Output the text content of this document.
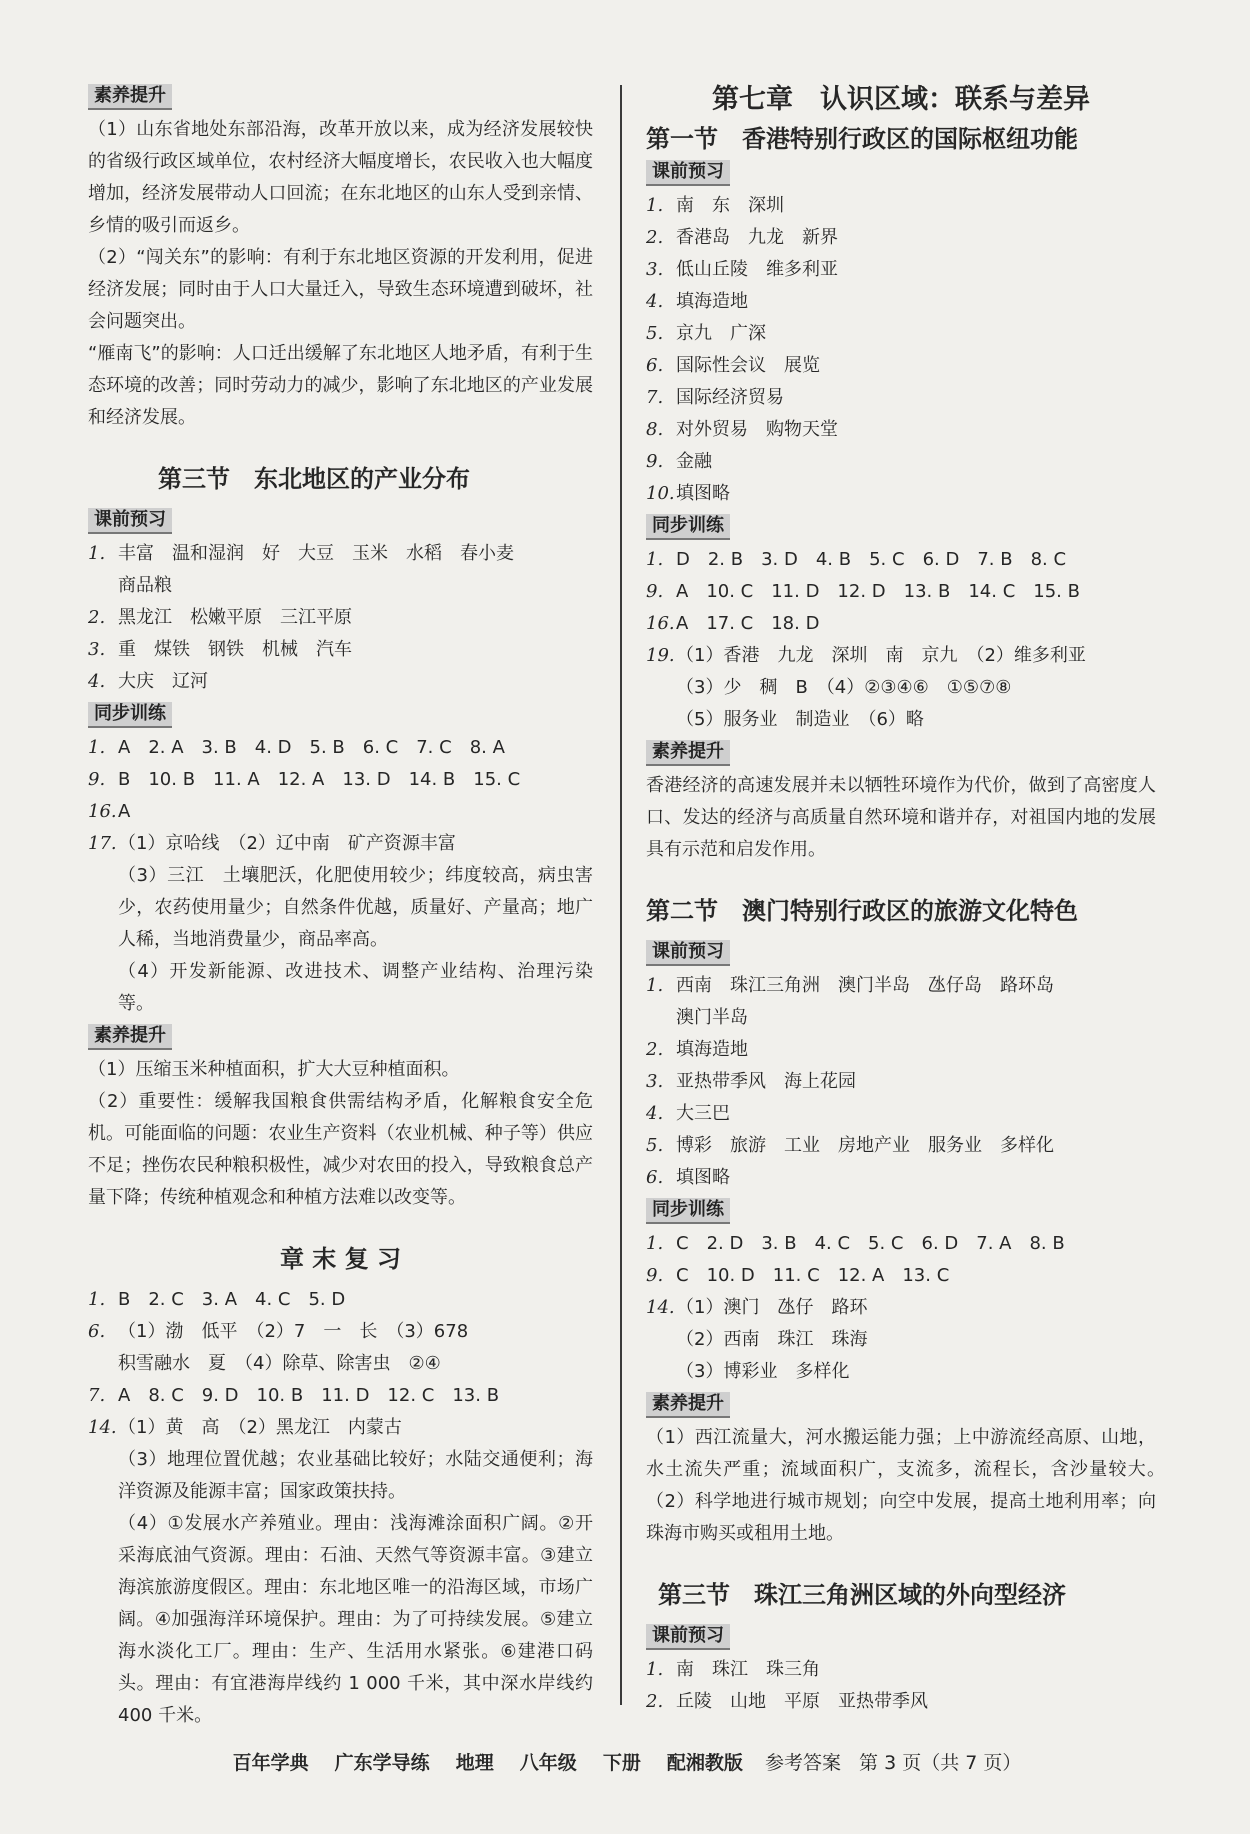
素养提升

（1）山东省地处东部沿海，改革开放以来，成为经济发展较快的省级行政区域单位，农村经济大幅度增长，农民收入也大幅度增加，经济发展带动人口回流；在东北地区的山东人受到亲情、乡情的吸引而返乡。

（2）“闯关东”的影响：有利于东北地区资源的开发利用，促进经济发展；同时由于人口大量迁入，导致生态环境遭到破坏，社会问题突出。

“雁南飞”的影响：人口迁出缓解了东北地区人地矛盾，有利于生态环境的改善；同时劳动力的减少，影响了东北地区的产业发展和经济发展。

第三节　东北地区的产业分布
课前预习
1. 丰富　温和湿润　好　大豆　玉米　水稻　春小麦
商品粮
2. 黑龙江　松嫩平原　三江平原
3. 重　煤铁　钢铁　机械　汽车
4. 大庆　辽河
同步训练
1. A　2. A　3. B　4. D　5. B　6. C　7. C　8. A
9. B　10. B　11. A　12. A　13. D　14. B　15. C
16. A
17. （1）京哈线　（2）辽中南　矿产资源丰富
（3）三江　土壤肥沃，化肥使用较少；纬度较高，病虫害少，农药使用量少；自然条件优越，质量好、产量高；地广人稀，当地消费量少，商品率高。
（4）开发新能源、改进技术、调整产业结构、治理污染等。
素养提升

（1）压缩玉米种植面积，扩大大豆种植面积。

（2）重要性：缓解我国粮食供需结构矛盾，化解粮食安全危机。可能面临的问题：农业生产资料（农业机械、种子等）供应不足；挫伤农民种粮积极性，减少对农田的投入，导致粮食总产量下降；传统种植观念和种植方法难以改变等。

章 末 复 习
1. B　2. C　3. A　4. C　5. D
6. （1）渤　低平　（2）7　一　长　（3）678
积雪融水　夏　（4）除草、除害虫　②④
7. A　8. C　9. D　10. B　11. D　12. C　13. B
14. （1）黄　高　（2）黑龙江　内蒙古
（3）地理位置优越；农业基础比较好；水陆交通便利；海洋资源及能源丰富；国家政策扶持。
（4）①发展水产养殖业。理由：浅海滩涂面积广阔。②开采海底油气资源。理由：石油、天然气等资源丰富。③建立海滨旅游度假区。理由：东北地区唯一的沿海区域，市场广阔。④加强海洋环境保护。理由：为了可持续发展。⑤建立海水淡化工厂。理由：生产、生活用水紧张。⑥建港口码头。理由：有宜港海岸线约 1 000 千米，其中深水岸线约 400 千米。
第七章　认识区域：联系与差异
第一节　香港特别行政区的国际枢纽功能
课前预习
1. 南　东　深圳
2. 香港岛　九龙　新界
3. 低山丘陵　维多利亚
4. 填海造地
5. 京九　广深
6. 国际性会议　展览
7. 国际经济贸易
8. 对外贸易　购物天堂
9. 金融
10. 填图略
同步训练
1. D　2. B　3. D　4. B　5. C　6. D　7. B　8. C
9. A　10. C　11. D　12. D　13. B　14. C　15. B
16. A　17. C　18. D
19. （1）香港　九龙　深圳　南　京九　（2）维多利亚
（3）少　稠　B　（4）②③④⑥　①⑤⑦⑧
（5）服务业　制造业　（6）略
素养提升

香港经济的高速发展并未以牺牲环境作为代价，做到了高密度人口、发达的经济与高质量自然环境和谐并存，对祖国内地的发展具有示范和启发作用。

第二节　澳门特别行政区的旅游文化特色
课前预习
1. 西南　珠江三角洲　澳门半岛　氹仔岛　路环岛
澳门半岛
2. 填海造地
3. 亚热带季风　海上花园
4. 大三巴
5. 博彩　旅游　工业　房地产业　服务业　多样化
6. 填图略
同步训练
1. C　2. D　3. B　4. C　5. C　6. D　7. A　8. B
9. C　10. D　11. C　12. A　13. C
14. （1）澳门　氹仔　路环
（2）西南　珠江　珠海
（3）博彩业　多样化
素养提升

（1）西江流量大，河水搬运能力强；上中游流经高原、山地，水土流失严重；流域面积广，支流多，流程长，含沙量较大。　（2）科学地进行城市规划；向空中发展，提高土地利用率；向珠海市购买或租用土地。

第三节　珠江三角洲区域的外向型经济
课前预习
1. 南　珠江　珠三角
2. 丘陵　山地　平原　亚热带季风
百年学典 广东学导练 地理 八年级 下册 配湘教版 参考答案 第 3 页（共 7 页）
